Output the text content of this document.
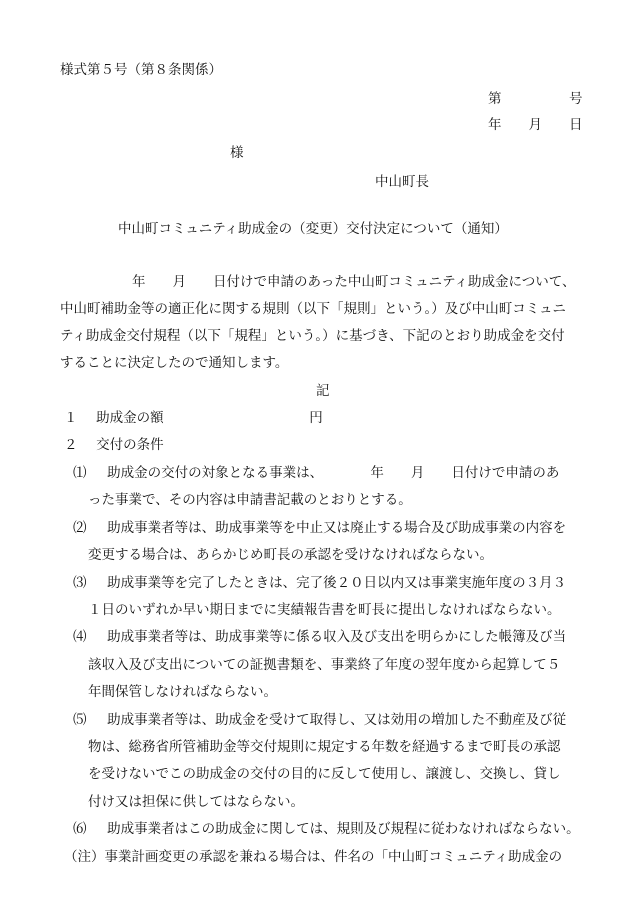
様式第５号（第８条関係）
第　　　　　号
年　　月　　日
様
中山町長
中山町コミュニティ助成金の（変更）交付決定について（通知）
年　　月　　日付けで申請のあった中山町コミュニティ助成金について、
中山町補助金等の適正化に関する規則（以下「規則」という。）及び中山町コミュニ
ティ助成金交付規程（以下「規程」という。）に基づき、下記のとおり助成金を交付
することに決定したので通知します。
記
１ 助成金の額	円
２ 交付の条件
⑴ 助成金の交付の対象となる事業は、　　　　年　　月　　日付けで申請のあ
った事業で、その内容は申請書記載のとおりとする。
⑵ 助成事業者等は、助成事業等を中止又は廃止する場合及び助成事業の内容を
変更する場合は、あらかじめ町長の承認を受けなければならない。
⑶ 助成事業等を完了したときは、完了後２０日以内又は事業実施年度の３月３
１日のいずれか早い期日までに実績報告書を町長に提出しなければならない。
⑷ 助成事業者等は、助成事業等に係る収入及び支出を明らかにした帳簿及び当
該収入及び支出についての証拠書類を、事業終了年度の翌年度から起算して５
年間保管しなければならない。
⑸ 助成事業者等は、助成金を受けて取得し、又は効用の増加した不動産及び従
物は、総務省所管補助金等交付規則に規定する年数を経過するまで町長の承認
を受けないでこの助成金の交付の目的に反して使用し、譲渡し、交換し、貸し
付け又は担保に供してはならない。
⑹ 助成事業者はこの助成金に関しては、規則及び規程に従わなければならない。
（注）事業計画変更の承認を兼ねる場合は、件名の「中山町コミュニティ助成金の
